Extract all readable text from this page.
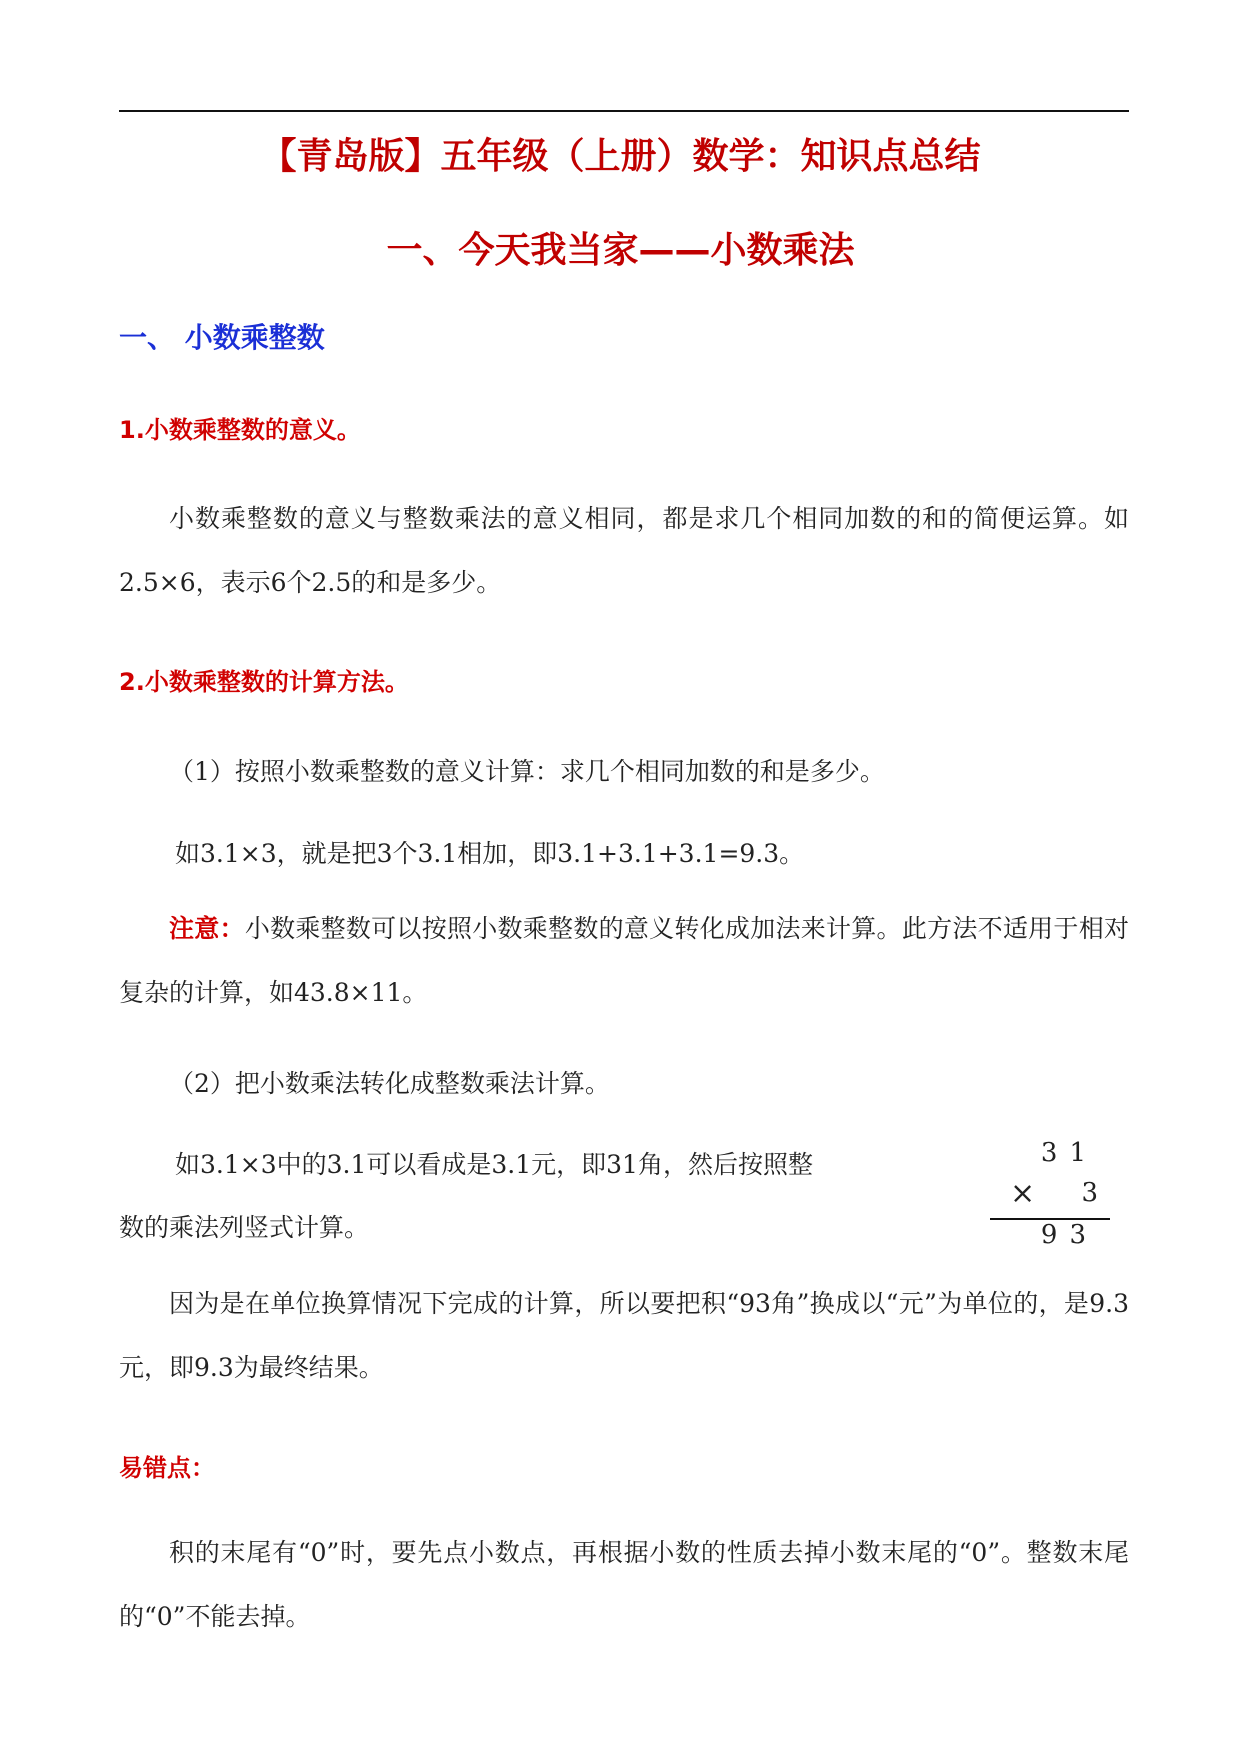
【青岛版】五年级（上册）数学：知识点总结
一、今天我当家——小数乘法
一、 小数乘整数
1.小数乘整数的意义。
小数乘整数的意义与整数乘法的意义相同，都是求几个相同加数的和的简便运算。如2.5×6，表示6个2.5的和是多少。
2.小数乘整数的计算方法。
（1）按照小数乘整数的意义计算：求几个相同加数的和是多少。
如3.1×3，就是把3个3.1相加，即3.1+3.1+3.1=9.3。
注意：小数乘整数可以按照小数乘整数的意义转化成加法来计算。此方法不适用于相对复杂的计算，如43.8×11。
（2）把小数乘法转化成整数乘法计算。
如3.1×3中的3.1可以看成是3.1元，即31角，然后按照整
数的乘法列竖式计算。
31
× 3
93
因为是在单位换算情况下完成的计算，所以要把积“93角”换成以“元”为单位的，是9.3元，即9.3为最终结果。
易错点：
积的末尾有“0”时，要先点小数点，再根据小数的性质去掉小数末尾的“0”。整数末尾的“0”不能去掉。
